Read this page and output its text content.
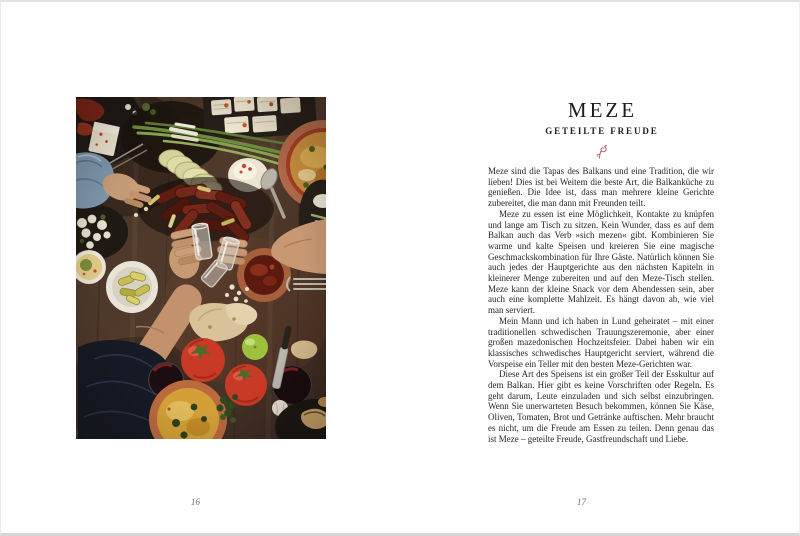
16
MEZE
GETEILTE FREUDE

Meze sind die Tapas des Balkans und eine Tradition, die wir lieben! Dies ist bei Weitem die beste Art, die Balkanküche zu genießen. Die Idee ist, dass man mehrere kleine Gerichte zubereitet, die man dann mit Freunden teilt.

Meze zu essen ist eine Möglichkeit, Kontakte zu knüpfen und lange am Tisch zu sitzen. Kein Wunder, dass es auf dem Balkan auch das Verb »sich mezen« gibt. Kombinieren Sie warme und kalte Speisen und kreieren Sie eine magische Geschmackskombination für Ihre Gäste. Natürlich können Sie auch jedes der Hauptgerichte aus den nächsten Kapiteln in kleinerer Menge zubereiten und auf den Meze-Tisch stellen. Meze kann der kleine Snack vor dem Abendessen sein, aber auch eine komplette Mahlzeit. Es hängt davon ab, wie viel man serviert.

Mein Mann und ich haben in Lund geheiratet – mit einer traditionellen schwedischen Trauungszeremonie, aber einer großen mazedonischen Hochzeitsfeier. Dabei haben wir ein klassisches schwedisches Hauptgericht serviert, während die Vorspeise ein Teller mit den besten Meze-Gerichten war.

Diese Art des Speisens ist ein großer Teil der Esskultur auf dem Balkan. Hier gibt es keine Vorschriften oder Regeln. Es geht darum, Leute einzuladen und sich selbst einzubringen. Wenn Sie unerwarteten Besuch bekommen, können Sie Käse, Oliven, Tomaten, Brot und Getränke auftischen. Mehr braucht es nicht, um die Freude am Essen zu teilen. Denn genau das ist Meze – geteilte Freude, Gastfreundschaft und Liebe.

17
